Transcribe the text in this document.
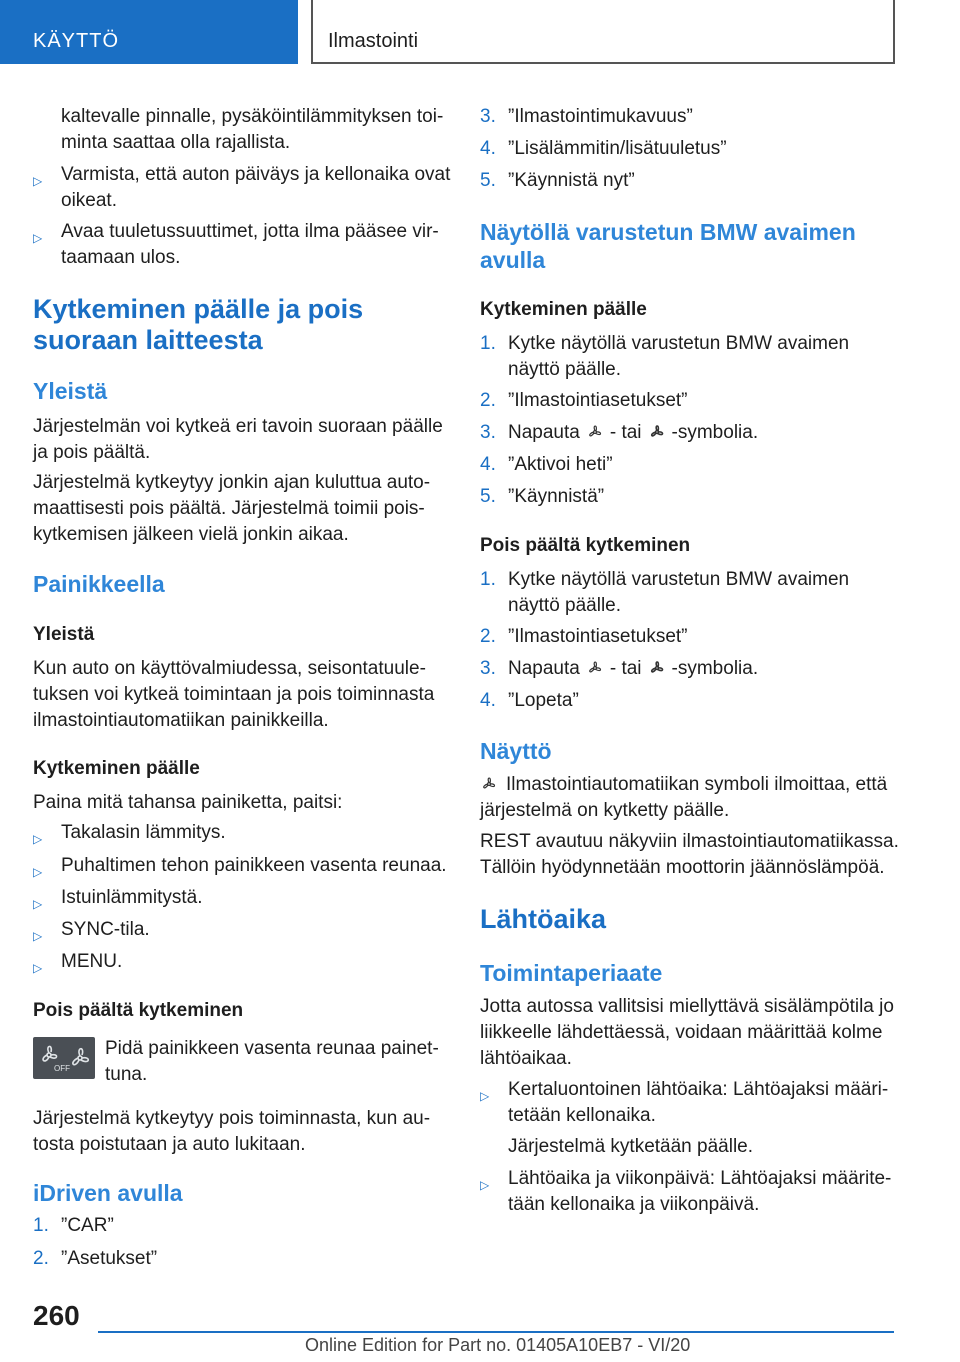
KÄYTTÖ	Ilmastointi
kaltevalle pinnalle, pysäköintilämmityksen toi-
minta saattaa olla rajallista.
▷ Varmista, että auton päiväys ja kellonaika ovat
oikeat.
▷ Avaa tuuletussuuttimet, jotta ilma pääsee vir-
taamaan ulos.
Kytkeminen päälle ja pois
suoraan laitteesta
Yleistä
Järjestelmän voi kytkeä eri tavoin suoraan päälle
ja pois päältä.
Järjestelmä kytkeytyy jonkin ajan kuluttua auto-
maattisesti pois päältä. Järjestelmä toimii pois-
kytkemisen jälkeen vielä jonkin aikaa.
Painikkeella
Yleistä
Kun auto on käyttövalmiudessa, seisontatuule-
tuksen voi kytkeä toimintaan ja pois toiminnasta
ilmastointiautomatiikan painikkeilla.
Kytkeminen päälle
Paina mitä tahansa painiketta, paitsi:
▷ Takalasin lämmitys.
▷ Puhaltimen tehon painikkeen vasenta reunaa.
▷ Istuinlämmitystä.
▷ SYNC-tila.
▷ MENU.
Pois päältä kytkeminen
OFF
Pidä painikkeen vasenta reunaa painet-
tuna.
Järjestelmä kytkeytyy pois toiminnasta, kun au-
tosta poistutaan ja auto lukitaan.
iDriven avulla
1. ”CAR”
2. ”Asetukset”
3. ”Ilmastointimukavuus”
4. ”Lisälämmitin/lisätuuletus”
5. ”Käynnistä nyt”
Näytöllä varustetun BMW avaimen
avulla
Kytkeminen päälle
1. Kytke näytöllä varustetun BMW avaimen
näyttö päälle.
2. ”Ilmastointiasetukset”
3. Napauta - tai -symbolia.
4. ”Aktivoi heti”
5. ”Käynnistä”
Pois päältä kytkeminen
1. Kytke näytöllä varustetun BMW avaimen
näyttö päälle.
2. ”Ilmastointiasetukset”
3. Napauta - tai -symbolia.
4. ”Lopeta”
Näyttö
Ilmastointiautomatiikan symboli ilmoittaa, että
järjestelmä on kytketty päälle.
REST avautuu näkyviin ilmastointiautomatiikassa.
Tällöin hyödynnetään moottorin jäännöslämpöä.
Lähtöaika
Toimintaperiaate
Jotta autossa vallitsisi miellyttävä sisälämpötila jo
liikkeelle lähdettäessä, voidaan määrittää kolme
lähtöaikaa.
▷ Kertaluontoinen lähtöaika: Lähtöajaksi määri-
tetään kellonaika.
Järjestelmä kytketään päälle.
▷ Lähtöaika ja viikonpäivä: Lähtöajaksi määrite-
tään kellonaika ja viikonpäivä.
260
Online Edition for Part no. 01405A10EB7 - VI/20
